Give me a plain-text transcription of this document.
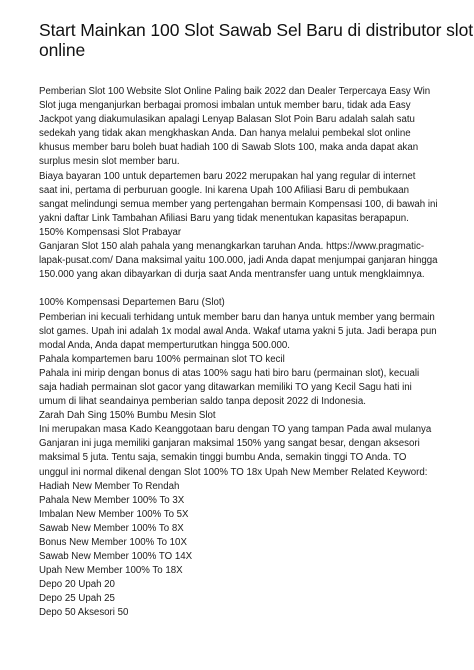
Start Mainkan 100 Slot Sawab Sel Baru di distributor slot
online
Pemberian Slot 100 Website Slot Online Paling baik 2022 dan Dealer Terpercaya Easy Win
Slot juga menganjurkan berbagai promosi imbalan untuk member baru, tidak ada Easy
Jackpot yang diakumulasikan apalagi Lenyap Balasan Slot Poin Baru adalah salah satu
sedekah yang tidak akan mengkhaskan Anda. Dan hanya melalui pembekal slot online
khusus member baru boleh buat hadiah 100 di Sawab Slots 100, maka anda dapat akan
surplus mesin slot member baru.
Biaya bayaran 100 untuk departemen baru 2022 merupakan hal yang regular di internet
saat ini, pertama di perburuan google. Ini karena Upah 100 Afiliasi Baru di pembukaan
sangat melindungi semua member yang pertengahan bermain Kompensasi 100, di bawah ini
yakni daftar Link Tambahan Afiliasi Baru yang tidak menentukan kapasitas berapapun.
150% Kompensasi Slot Prabayar
Ganjaran Slot 150 alah pahala yang menangkarkan taruhan Anda. https://www.pragmatic-
lapak-pusat.com/ Dana maksimal yaitu 100.000, jadi Anda dapat menjumpai ganjaran hingga
150.000 yang akan dibayarkan di durja saat Anda mentransfer uang untuk mengklaimnya.
100% Kompensasi Departemen Baru (Slot)
Pemberian ini kecuali terhidang untuk member baru dan hanya untuk member yang bermain
slot games. Upah ini adalah 1x modal awal Anda. Wakaf utama yakni 5 juta. Jadi berapa pun
modal Anda, Anda dapat memperturutkan hingga 500.000.
Pahala kompartemen baru 100% permainan slot TO kecil
Pahala ini mirip dengan bonus di atas 100% sagu hati biro baru (permainan slot), kecuali
saja hadiah permainan slot gacor yang ditawarkan memiliki TO yang Kecil Sagu hati ini
umum di lihat seandainya pemberian saldo tanpa deposit 2022 di Indonesia.
Zarah Dah Sing 150% Bumbu Mesin Slot
Ini merupakan masa Kado Keanggotaan baru dengan TO yang tampan Pada awal mulanya
Ganjaran ini juga memiliki ganjaran maksimal 150% yang sangat besar, dengan aksesori
maksimal 5 juta. Tentu saja, semakin tinggi bumbu Anda, semakin tinggi TO Anda. TO
unggul ini normal dikenal dengan Slot 100% TO 18x Upah New Member Related Keyword:
Hadiah New Member To Rendah
Pahala New Member 100% To 3X
Imbalan New Member 100% To 5X
Sawab New Member 100% To 8X
Bonus New Member 100% To 10X
Sawab New Member 100% TO 14X
Upah New Member 100% To 18X
Depo 20 Upah 20
Depo 25 Upah 25
Depo 50 Aksesori 50
